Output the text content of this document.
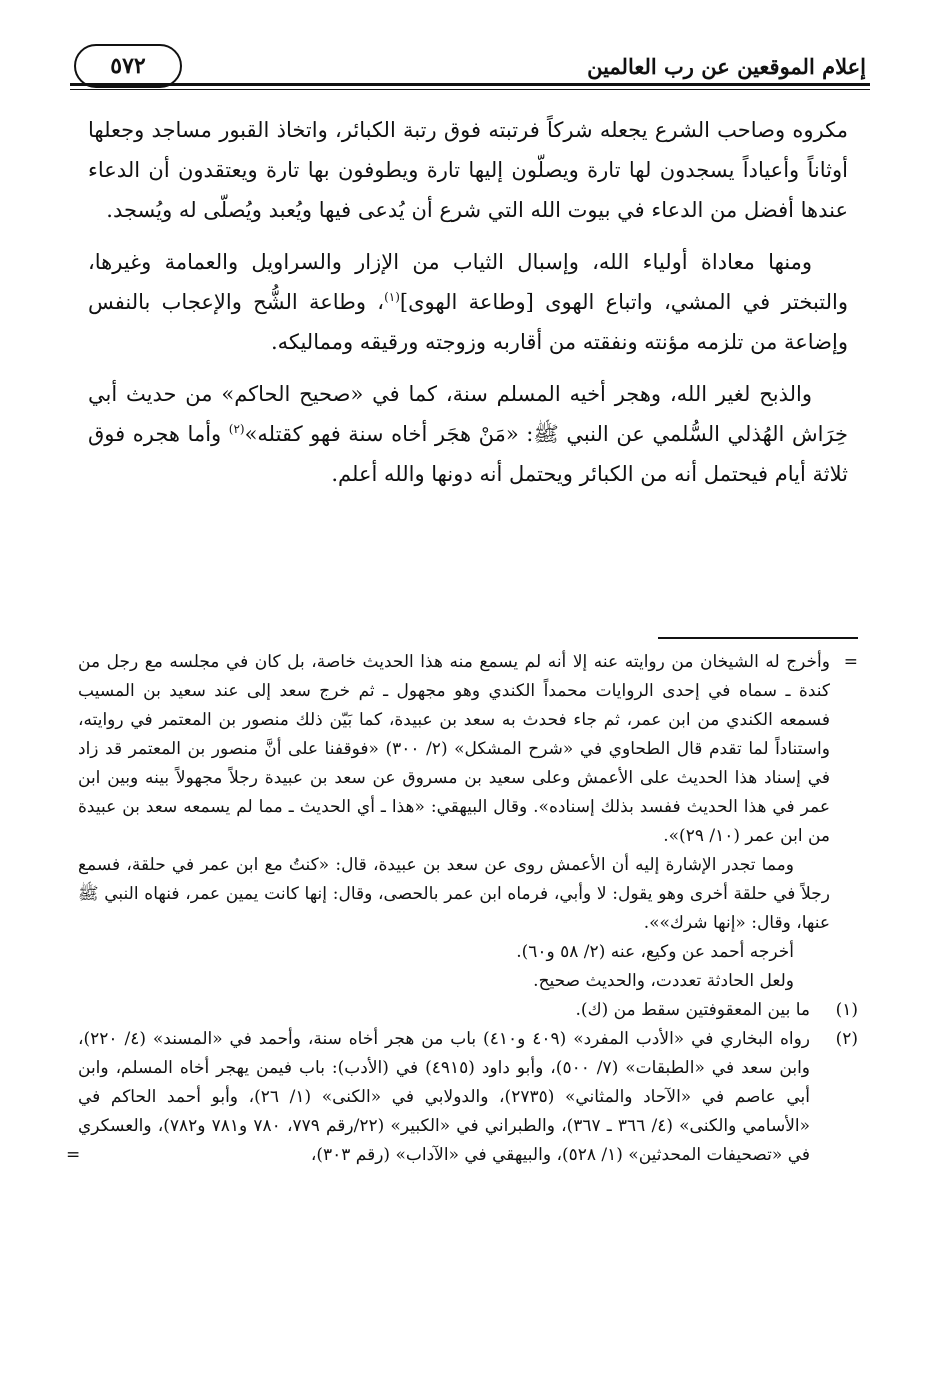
إعلام الموقعين عن رب العالمين
٥٧٢

مكروه وصاحب الشرع يجعله شركاً فرتبته فوق رتبة الكبائر، واتخاذ القبور مساجد وجعلها أوثاناً وأعياداً يسجدون لها تارة ويصلّون إليها تارة ويطوفون بها تارة ويعتقدون أن الدعاء عندها أفضل من الدعاء في بيوت الله التي شرع أن يُدعى فيها ويُعبد ويُصلّى له ويُسجد.

ومنها معاداة أولياء الله، وإسبال الثياب من الإزار والسراويل والعمامة وغيرها، والتبختر في المشي، واتباع الهوى [وطاعة الهوى]$^{(١)}$، وطاعة الشُّح والإعجاب بالنفس وإضاعة من تلزمه مؤنته ونفقته من أقاربه وزوجته ورقيقه ومماليكه.

والذبح لغير الله، وهجر أخيه المسلم سنة، كما في «صحيح الحاكم» من حديث أبي خِرَاش الهُذلي السُّلمي عن النبي ﷺ: «مَنْ هجَر أخاه سنة فهو كقتله»$^{(٢)}$ وأما هجره فوق ثلاثة أيام فيحتمل أنه من الكبائر ويحتمل أنه دونها والله أعلم.

=
وأخرج له الشيخان من روايته عنه إلا أنه لم يسمع منه هذا الحديث خاصة، بل كان في مجلسه مع رجل من كندة ـ سماه في إحدى الروايات محمداً الكندي وهو مجهول ـ ثم خرج سعد إلى عند سعيد بن المسيب فسمعه الكندي من ابن عمر، ثم جاء فحدث به سعد بن عبيدة، كما بَيّن ذلك منصور بن المعتمر في روايته، واستناداً لما تقدم قال الطحاوي في «شرح المشكل» (٢/ ٣٠٠) «فوقفنا على أنَّ منصور بن المعتمر قد زاد في إسناد هذا الحديث على الأعمش وعلى سعيد بن مسروق عن سعد بن عبيدة رجلاً مجهولاً بينه وبين ابن عمر في هذا الحديث ففسد بذلك إسناده». وقال البيهقي: «هذا ـ أي الحديث ـ مما لم يسمعه سعد بن عبيدة من ابن عمر (١٠/ ٢٩)».

ومما تجدر الإشارة إليه أن الأعمش روى عن سعد بن عبيدة، قال: «كنتُ مع ابن عمر في حلقة، فسمع رجلاً في حلقة أخرى وهو يقول: لا وأبي، فرماه ابن عمر بالحصى، وقال: إنها كانت يمين عمر، فنهاه النبي ﷺ عنها، وقال: «إنها شرك»».

أخرجه أحمد عن وكيع، عنه (٢/ ٥٨ و٦٠).

ولعل الحادثة تعددت، والحديث صحيح.

(١)
ما بين المعقوفتين سقط من (ك).

(٢)
رواه البخاري في «الأدب المفرد» (٤٠٩ و٤١٠) باب من هجر أخاه سنة، وأحمد في «المسند» (٤/ ٢٢٠)، وابن سعد في «الطبقات» (٧/ ٥٠٠)، وأبو داود (٤٩١٥) في (الأدب): باب فيمن يهجر أخاه المسلم، وابن أبي عاصم في «الآحاد والمثاني» (٢٧٣٥)، والدولابي في «الكنى» (١/ ٢٦)، وأبو أحمد الحاكم في «الأسامي والكنى» (٤/ ٣٦٦ ـ ٣٦٧)، والطبراني في «الكبير» (٢٢/رقم ٧٧٩، ٧٨٠ و٧٨١ و٧٨٢)، والعسكري في «تصحيفات المحدثين» (١/ ٥٢٨)، والبيهقي في «الآداب» (رقم ٣٠٣)،
=
